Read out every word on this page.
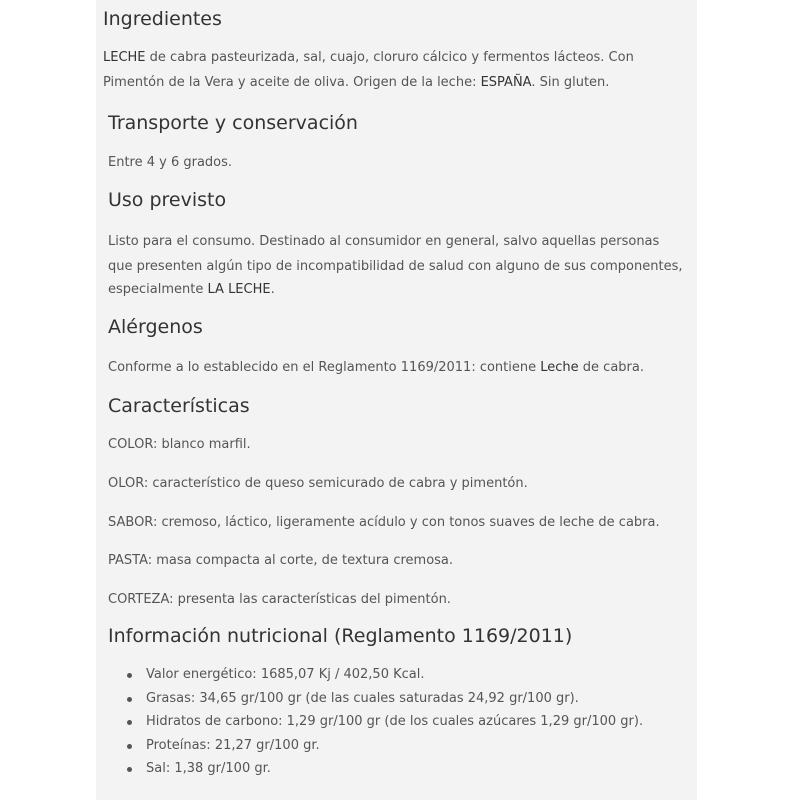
Ingredientes

LECHE de cabra pasteurizada, sal, cuajo, cloruro cálcico y fermentos lácteos. Con

Pimentón de la Vera y aceite de oliva. Origen de la leche: ESPAÑA. Sin gluten.

Transporte y conservación

Entre 4 y 6 grados.

Uso previsto

Listo para el consumo. Destinado al consumidor en general, salvo aquellas personas

que presenten algún tipo de incompatibilidad de salud con alguno de sus componentes,

especialmente LA LECHE.

Alérgenos

Conforme a lo establecido en el Reglamento 1169/2011: contiene Leche de cabra.

Características

COLOR: blanco marfil.

OLOR: característico de queso semicurado de cabra y pimentón.

SABOR: cremoso, láctico, ligeramente acídulo y con tonos suaves de leche de cabra.

PASTA: masa compacta al corte, de textura cremosa.

CORTEZA: presenta las características del pimentón.

Información nutricional (Reglamento 1169/2011)
Valor energético: 1685,07 Kj / 402,50 Kcal.
Grasas: 34,65 gr/100 gr (de las cuales saturadas 24,92 gr/100 gr).
Hidratos de carbono: 1,29 gr/100 gr (de los cuales azúcares 1,29 gr/100 gr).
Proteínas: 21,27 gr/100 gr.
Sal: 1,38 gr/100 gr.
